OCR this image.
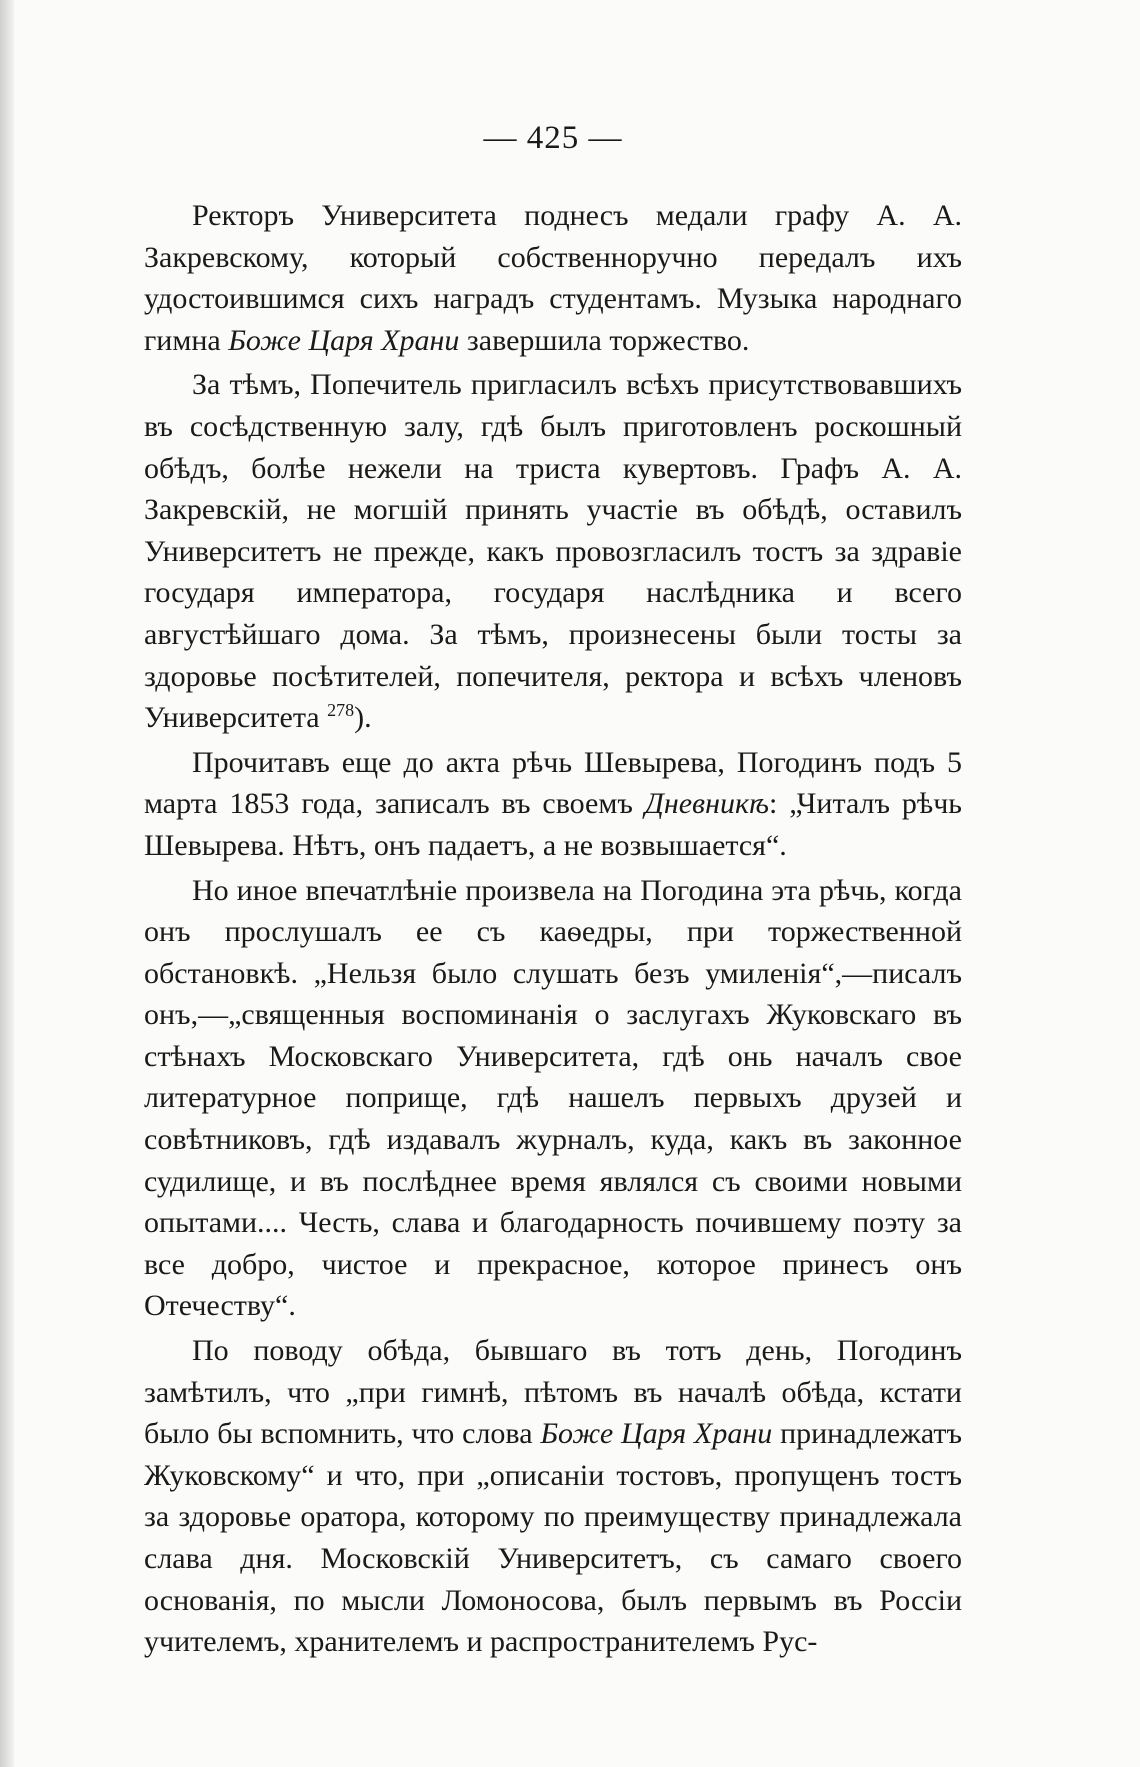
— 425 —

Ректоръ Университета поднесъ медали графу А. А. Закревскому, который собственноручно передалъ ихъ удостоившимся сихъ наградъ студентамъ. Музыка народнаго гимна Боже Царя Храни завершила торжество.

За тѣмъ, Попечитель пригласилъ всѣхъ присутствовавшихъ въ сосѣдственную залу, гдѣ былъ приготовленъ роскошный обѣдъ, болѣе нежели на триста кувертовъ. Графъ А. А. Закревскій, не могшій принять участіе въ обѣдѣ, оставилъ Университетъ не прежде, какъ провозгласилъ тостъ за здравіе государя императора, государя наслѣдника и всего августѣйшаго дома. За тѣмъ, произнесены были тосты за здоровье посѣтителей, попечителя, ректора и всѣхъ членовъ Университета $^{278}$).

Прочитавъ еще до акта рѣчь Шевырева, Погодинъ подъ 5 марта 1853 года, записалъ въ своемъ Дневникѣ: „Читалъ рѣчь Шевырева. Нѣтъ, онъ падаетъ, а не возвышается“.

Но иное впечатлѣніе произвела на Погодина эта рѣчь, когда онъ прослушалъ ее съ каѳедры, при торжественной обстановкѣ. „Нельзя было слушать безъ умиленія“,—писалъ онъ,—„священныя воспоминанія о заслугахъ Жуковскаго въ стѣнахъ Московскаго Университета, гдѣ онь началъ свое литературное поприще, гдѣ нашелъ первыхъ друзей и совѣтниковъ, гдѣ издавалъ журналъ, куда, какъ въ законное судилище, и въ послѣднее время являлся съ своими новыми опытами.... Честь, слава и благодарность почившему поэту за все добро, чистое и прекрасное, которое принесъ онъ Отечеству“.

По поводу обѣда, бывшаго въ тотъ день, Погодинъ замѣтилъ, что „при гимнѣ, пѣтомъ въ началѣ обѣда, кстати было бы вспомнить, что слова Боже Царя Храни принадлежатъ Жуковскому“ и что, при „описаніи тостовъ, пропущенъ тостъ за здоровье оратора, которому по преимуществу принадлежала слава дня. Московскій Университетъ, съ самаго своего основанія, по мысли Ломоносова, былъ первымъ въ Россіи учителемъ, хранителемъ и распространителемъ Рус-
